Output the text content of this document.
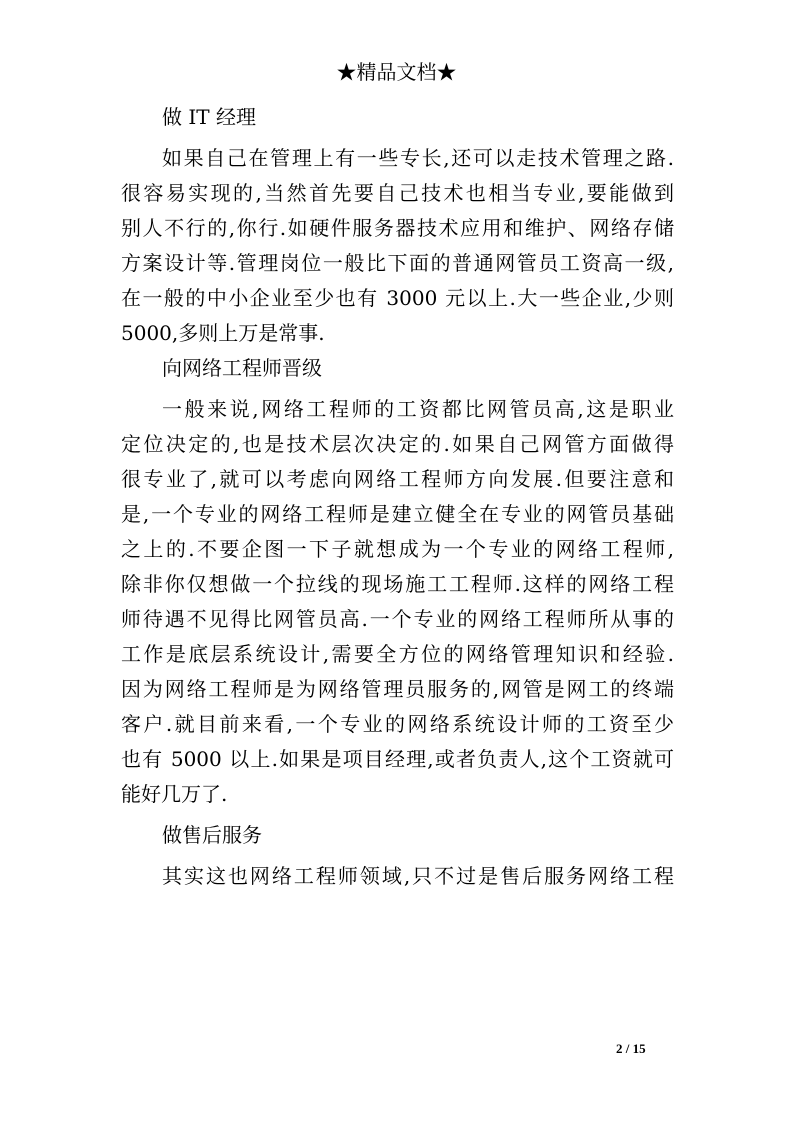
★精品文档★

做 IT 经理

如果自己在管理上有一些专长,还可以走技术管理之路.

很容易实现的,当然首先要自己技术也相当专业,要能做到

别人不行的,你行.如硬件服务器技术应用和维护、网络存储

方案设计等.管理岗位一般比下面的普通网管员工资高一级,

在一般的中小企业至少也有 3000 元以上.大一些企业,少则

5000,多则上万是常事.

向网络工程师晋级

一般来说,网络工程师的工资都比网管员高,这是职业

定位决定的,也是技术层次决定的.如果自己网管方面做得

很专业了,就可以考虑向网络工程师方向发展.但要注意和

是,一个专业的网络工程师是建立健全在专业的网管员基础

之上的.不要企图一下子就想成为一个专业的网络工程师,

除非你仅想做一个拉线的现场施工工程师.这样的网络工程

师待遇不见得比网管员高.一个专业的网络工程师所从事的

工作是底层系统设计,需要全方位的网络管理知识和经验.

因为网络工程师是为网络管理员服务的,网管是网工的终端

客户.就目前来看,一个专业的网络系统设计师的工资至少

也有 5000 以上.如果是项目经理,或者负责人,这个工资就可

能好几万了.

做售后服务

其实这也网络工程师领域,只不过是售后服务网络工程

2 / 15
